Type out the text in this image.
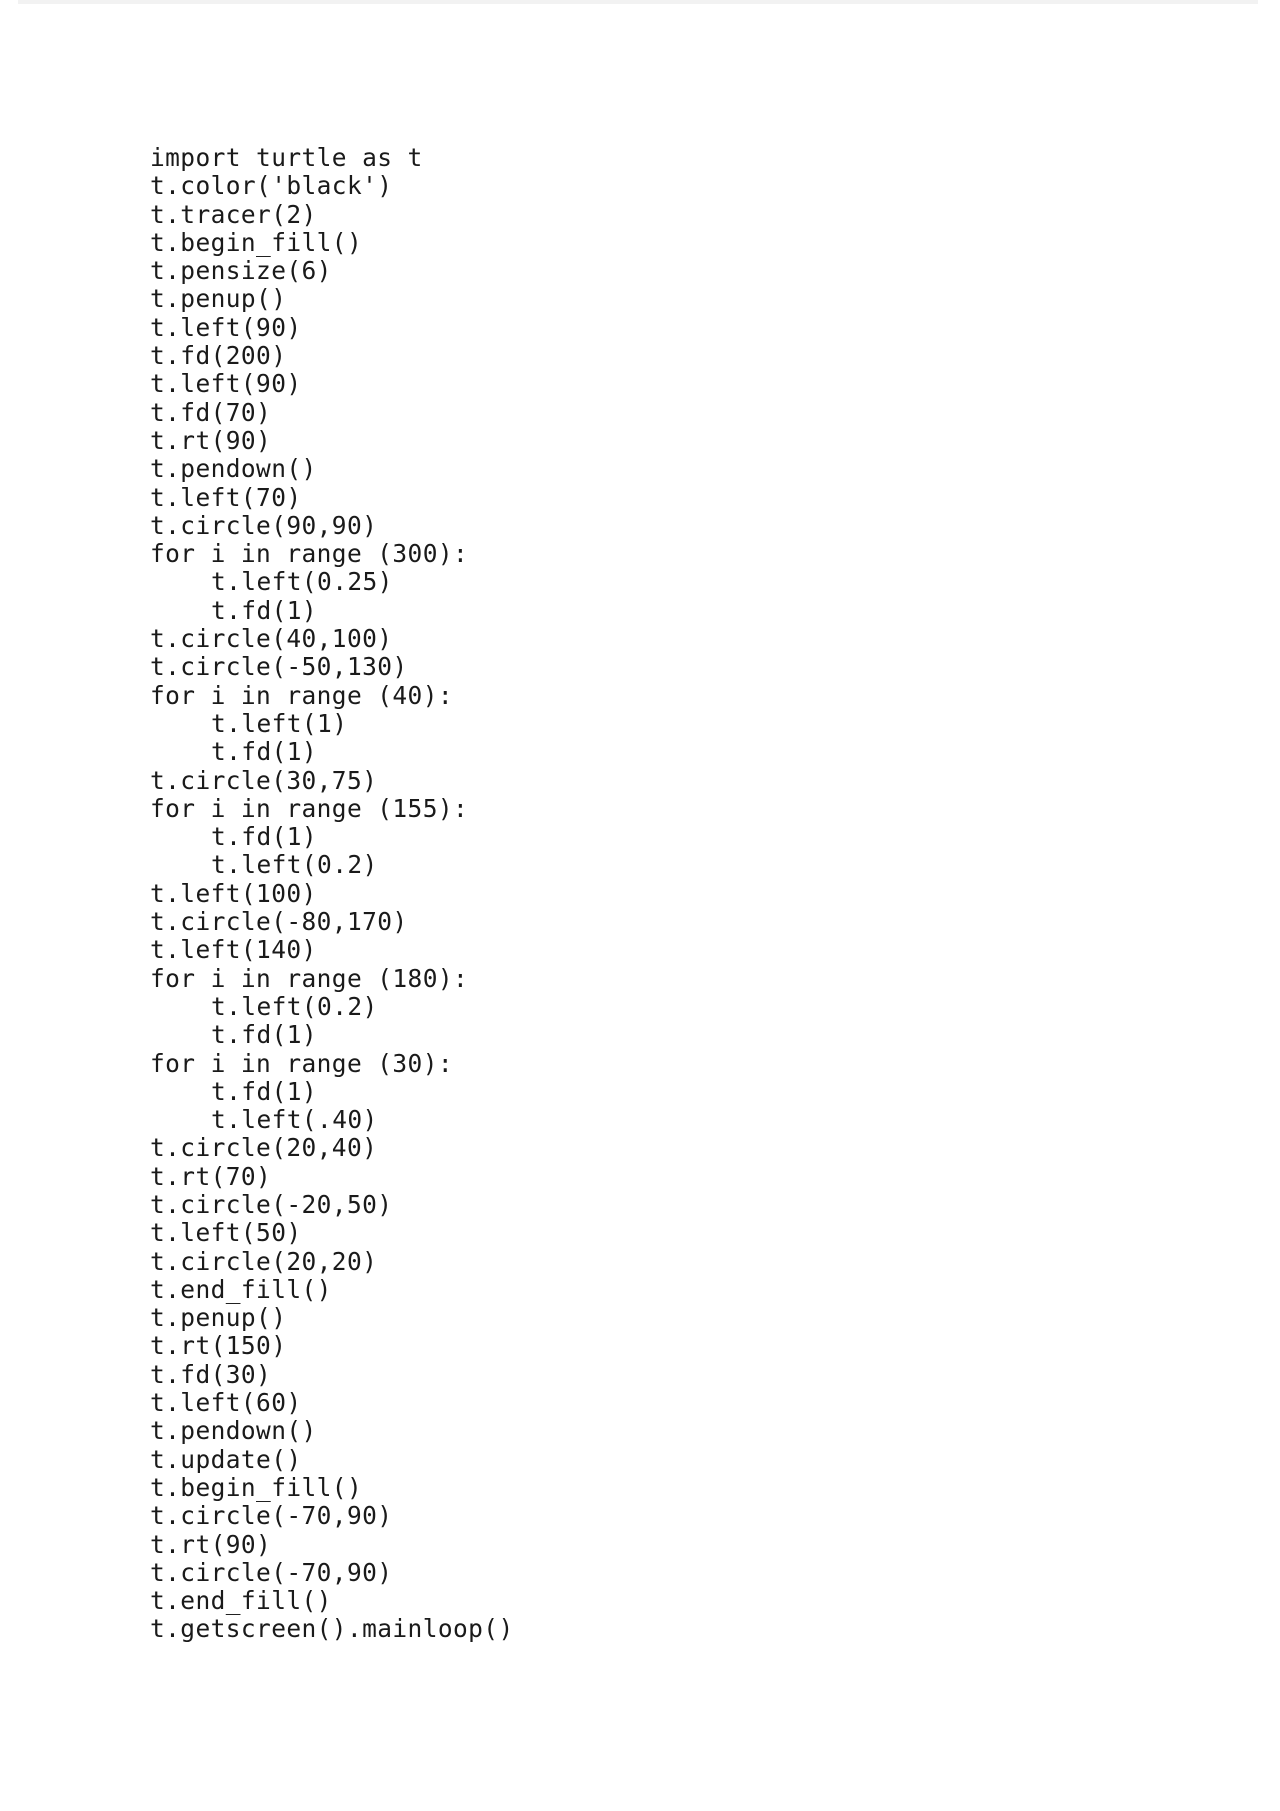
import turtle as t
t.color('black')
t.tracer(2)
t.begin_fill()
t.pensize(6)
t.penup()
t.left(90)
t.fd(200)
t.left(90)
t.fd(70)
t.rt(90)
t.pendown()
t.left(70)
t.circle(90,90)
for i in range (300):
t.left(0.25)
t.fd(1)
t.circle(40,100)
t.circle(-50,130)
for i in range (40):
t.left(1)
t.fd(1)
t.circle(30,75)
for i in range (155):
t.fd(1)
t.left(0.2)
t.left(100)
t.circle(-80,170)
t.left(140)
for i in range (180):
t.left(0.2)
t.fd(1)
for i in range (30):
t.fd(1)
t.left(.40)
t.circle(20,40)
t.rt(70)
t.circle(-20,50)
t.left(50)
t.circle(20,20)
t.end_fill()
t.penup()
t.rt(150)
t.fd(30)
t.left(60)
t.pendown()
t.update()
t.begin_fill()
t.circle(-70,90)
t.rt(90)
t.circle(-70,90)
t.end_fill()
t.getscreen().mainloop()
